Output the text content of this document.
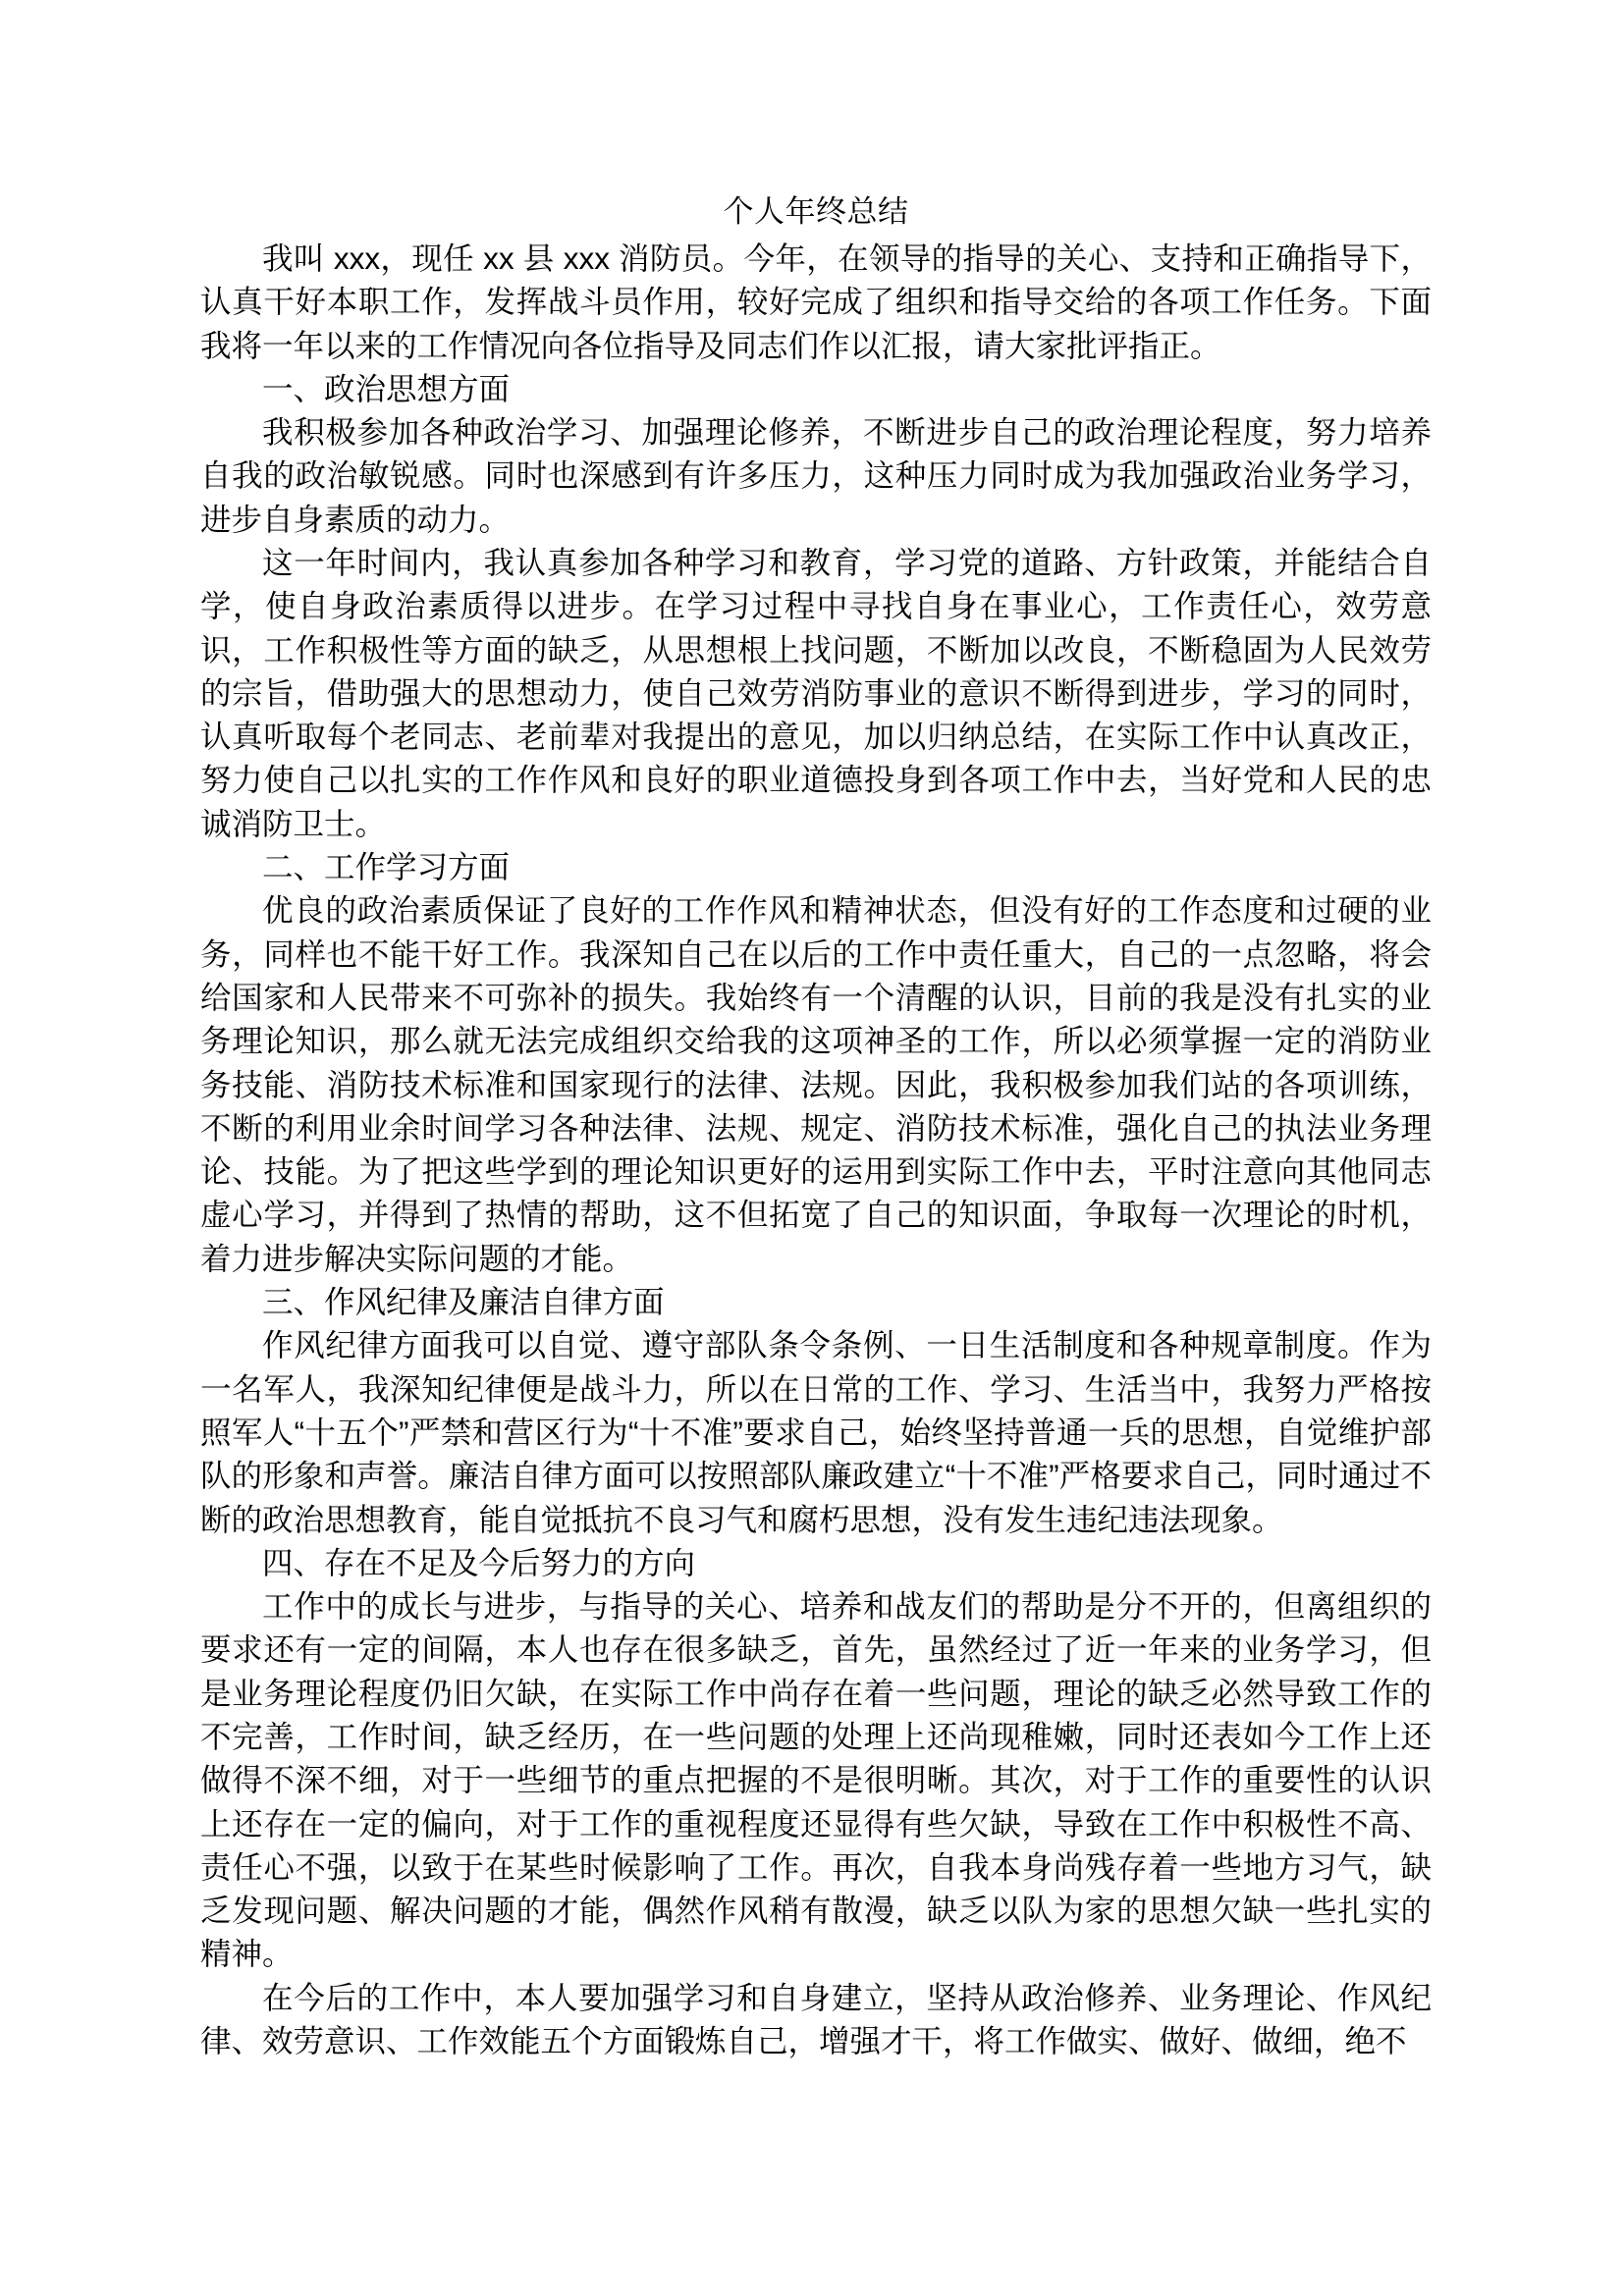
个人年终总结

我叫 xxx，现任 xx 县 xxx 消防员。今年，在领导的指导的关心、支持和正确指导下，认真干好本职工作，发挥战斗员作用，较好完成了组织和指导交给的各项工作任务。下面我将一年以来的工作情况向各位指导及同志们作以汇报，请大家批评指正。

一、政治思想方面

我积极参加各种政治学习、加强理论修养，不断进步自己的政治理论程度，努力培养自我的政治敏锐感。同时也深感到有许多压力，这种压力同时成为我加强政治业务学习，进步自身素质的动力。

这一年时间内，我认真参加各种学习和教育，学习党的道路、方针政策，并能结合自学，使自身政治素质得以进步。在学习过程中寻找自身在事业心，工作责任心，效劳意识，工作积极性等方面的缺乏，从思想根上找问题，不断加以改良，不断稳固为人民效劳的宗旨，借助强大的思想动力，使自己效劳消防事业的意识不断得到进步，学习的同时，认真听取每个老同志、老前辈对我提出的意见，加以归纳总结，在实际工作中认真改正，努力使自己以扎实的工作作风和良好的职业道德投身到各项工作中去，当好党和人民的忠诚消防卫士。

二、工作学习方面

优良的政治素质保证了良好的工作作风和精神状态，但没有好的工作态度和过硬的业务，同样也不能干好工作。我深知自己在以后的工作中责任重大，自己的一点忽略，将会给国家和人民带来不可弥补的损失。我始终有一个清醒的认识，目前的我是没有扎实的业务理论知识，那么就无法完成组织交给我的这项神圣的工作，所以必须掌握一定的消防业务技能、消防技术标准和国家现行的法律、法规。因此，我积极参加我们站的各项训练，不断的利用业余时间学习各种法律、法规、规定、消防技术标准，强化自己的执法业务理论、技能。为了把这些学到的理论知识更好的运用到实际工作中去，平时注意向其他同志虚心学习，并得到了热情的帮助，这不但拓宽了自己的知识面，争取每一次理论的时机，着力进步解决实际问题的才能。

三、作风纪律及廉洁自律方面

作风纪律方面我可以自觉、遵守部队条令条例、一日生活制度和各种规章制度。作为一名军人，我深知纪律便是战斗力，所以在日常的工作、学习、生活当中，我努力严格按照军人“十五个”严禁和营区行为“十不准”要求自己，始终坚持普通一兵的思想，自觉维护部队的形象和声誉。廉洁自律方面可以按照部队廉政建立“十不准”严格要求自己，同时通过不断的政治思想教育，能自觉抵抗不良习气和腐朽思想，没有发生违纪违法现象。

四、存在不足及今后努力的方向

工作中的成长与进步，与指导的关心、培养和战友们的帮助是分不开的，但离组织的要求还有一定的间隔，本人也存在很多缺乏，首先，虽然经过了近一年来的业务学习，但是业务理论程度仍旧欠缺，在实际工作中尚存在着一些问题，理论的缺乏必然导致工作的不完善，工作时间，缺乏经历，在一些问题的处理上还尚现稚嫩，同时还表如今工作上还做得不深不细，对于一些细节的重点把握的不是很明晰。其次，对于工作的重要性的认识上还存在一定的偏向，对于工作的重视程度还显得有些欠缺，导致在工作中积极性不高、责任心不强，以致于在某些时候影响了工作。再次，自我本身尚残存着一些地方习气，缺乏发现问题、解决问题的才能，偶然作风稍有散漫，缺乏以队为家的思想欠缺一些扎实的精神。

在今后的工作中，本人要加强学习和自身建立，坚持从政治修养、业务理论、作风纪律、效劳意识、工作效能五个方面锻炼自己，增强才干，将工作做实、做好、做细，绝不
